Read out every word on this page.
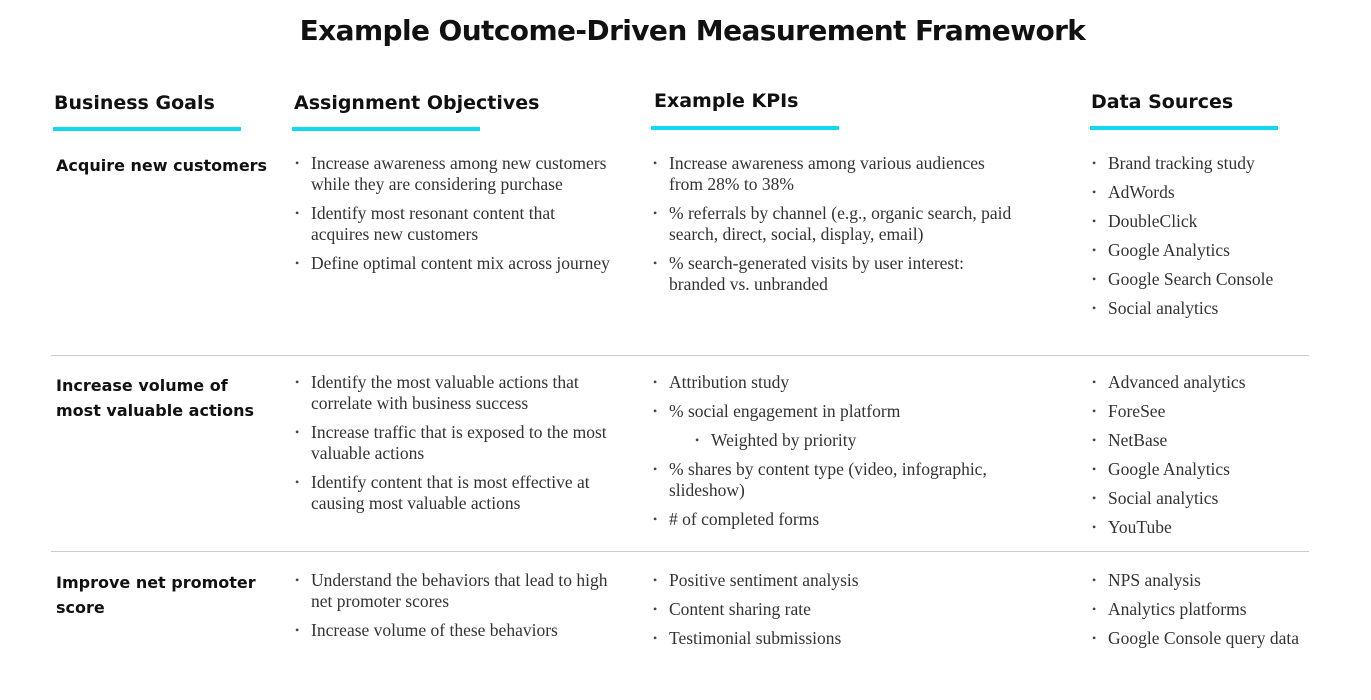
Example Outcome-Driven Measurement Framework
Business Goals	Assignment Objectives	Example KPIs	Data Sources
Acquire new customers
•	Increase awareness among new customers while they are considering purchase
• Identify most resonant content that acquires new customers
• Define optimal content mix across journey
• Increase awareness among various audiences from 28% to 38%
• % referrals by channel (e.g., organic search, paid search, direct, social, display, email)
• % search-generated visits by user interest: branded vs. unbranded
• Brand tracking study
• AdWords
• DoubleClick
• Google Analytics
• Google Search Console
• Social analytics
Increase volume of most valuable actions
• Identify the most valuable actions that correlate with business success
• Increase traffic that is exposed to the most valuable actions
• Identify content that is most effective at causing most valuable actions
• Attribution study
• % social engagement in platform
• Weighted by priority
• % shares by content type (video, infographic, slideshow)
• # of completed forms
• Advanced analytics
• ForeSee
• NetBase
• Google Analytics
• Social analytics
• YouTube
Improve net promoter score
• Understand the behaviors that lead to high net promoter scores
• Increase volume of these behaviors
• Positive sentiment analysis
• Content sharing rate
• Testimonial submissions
• NPS analysis
• Analytics platforms
• Google Console query data
